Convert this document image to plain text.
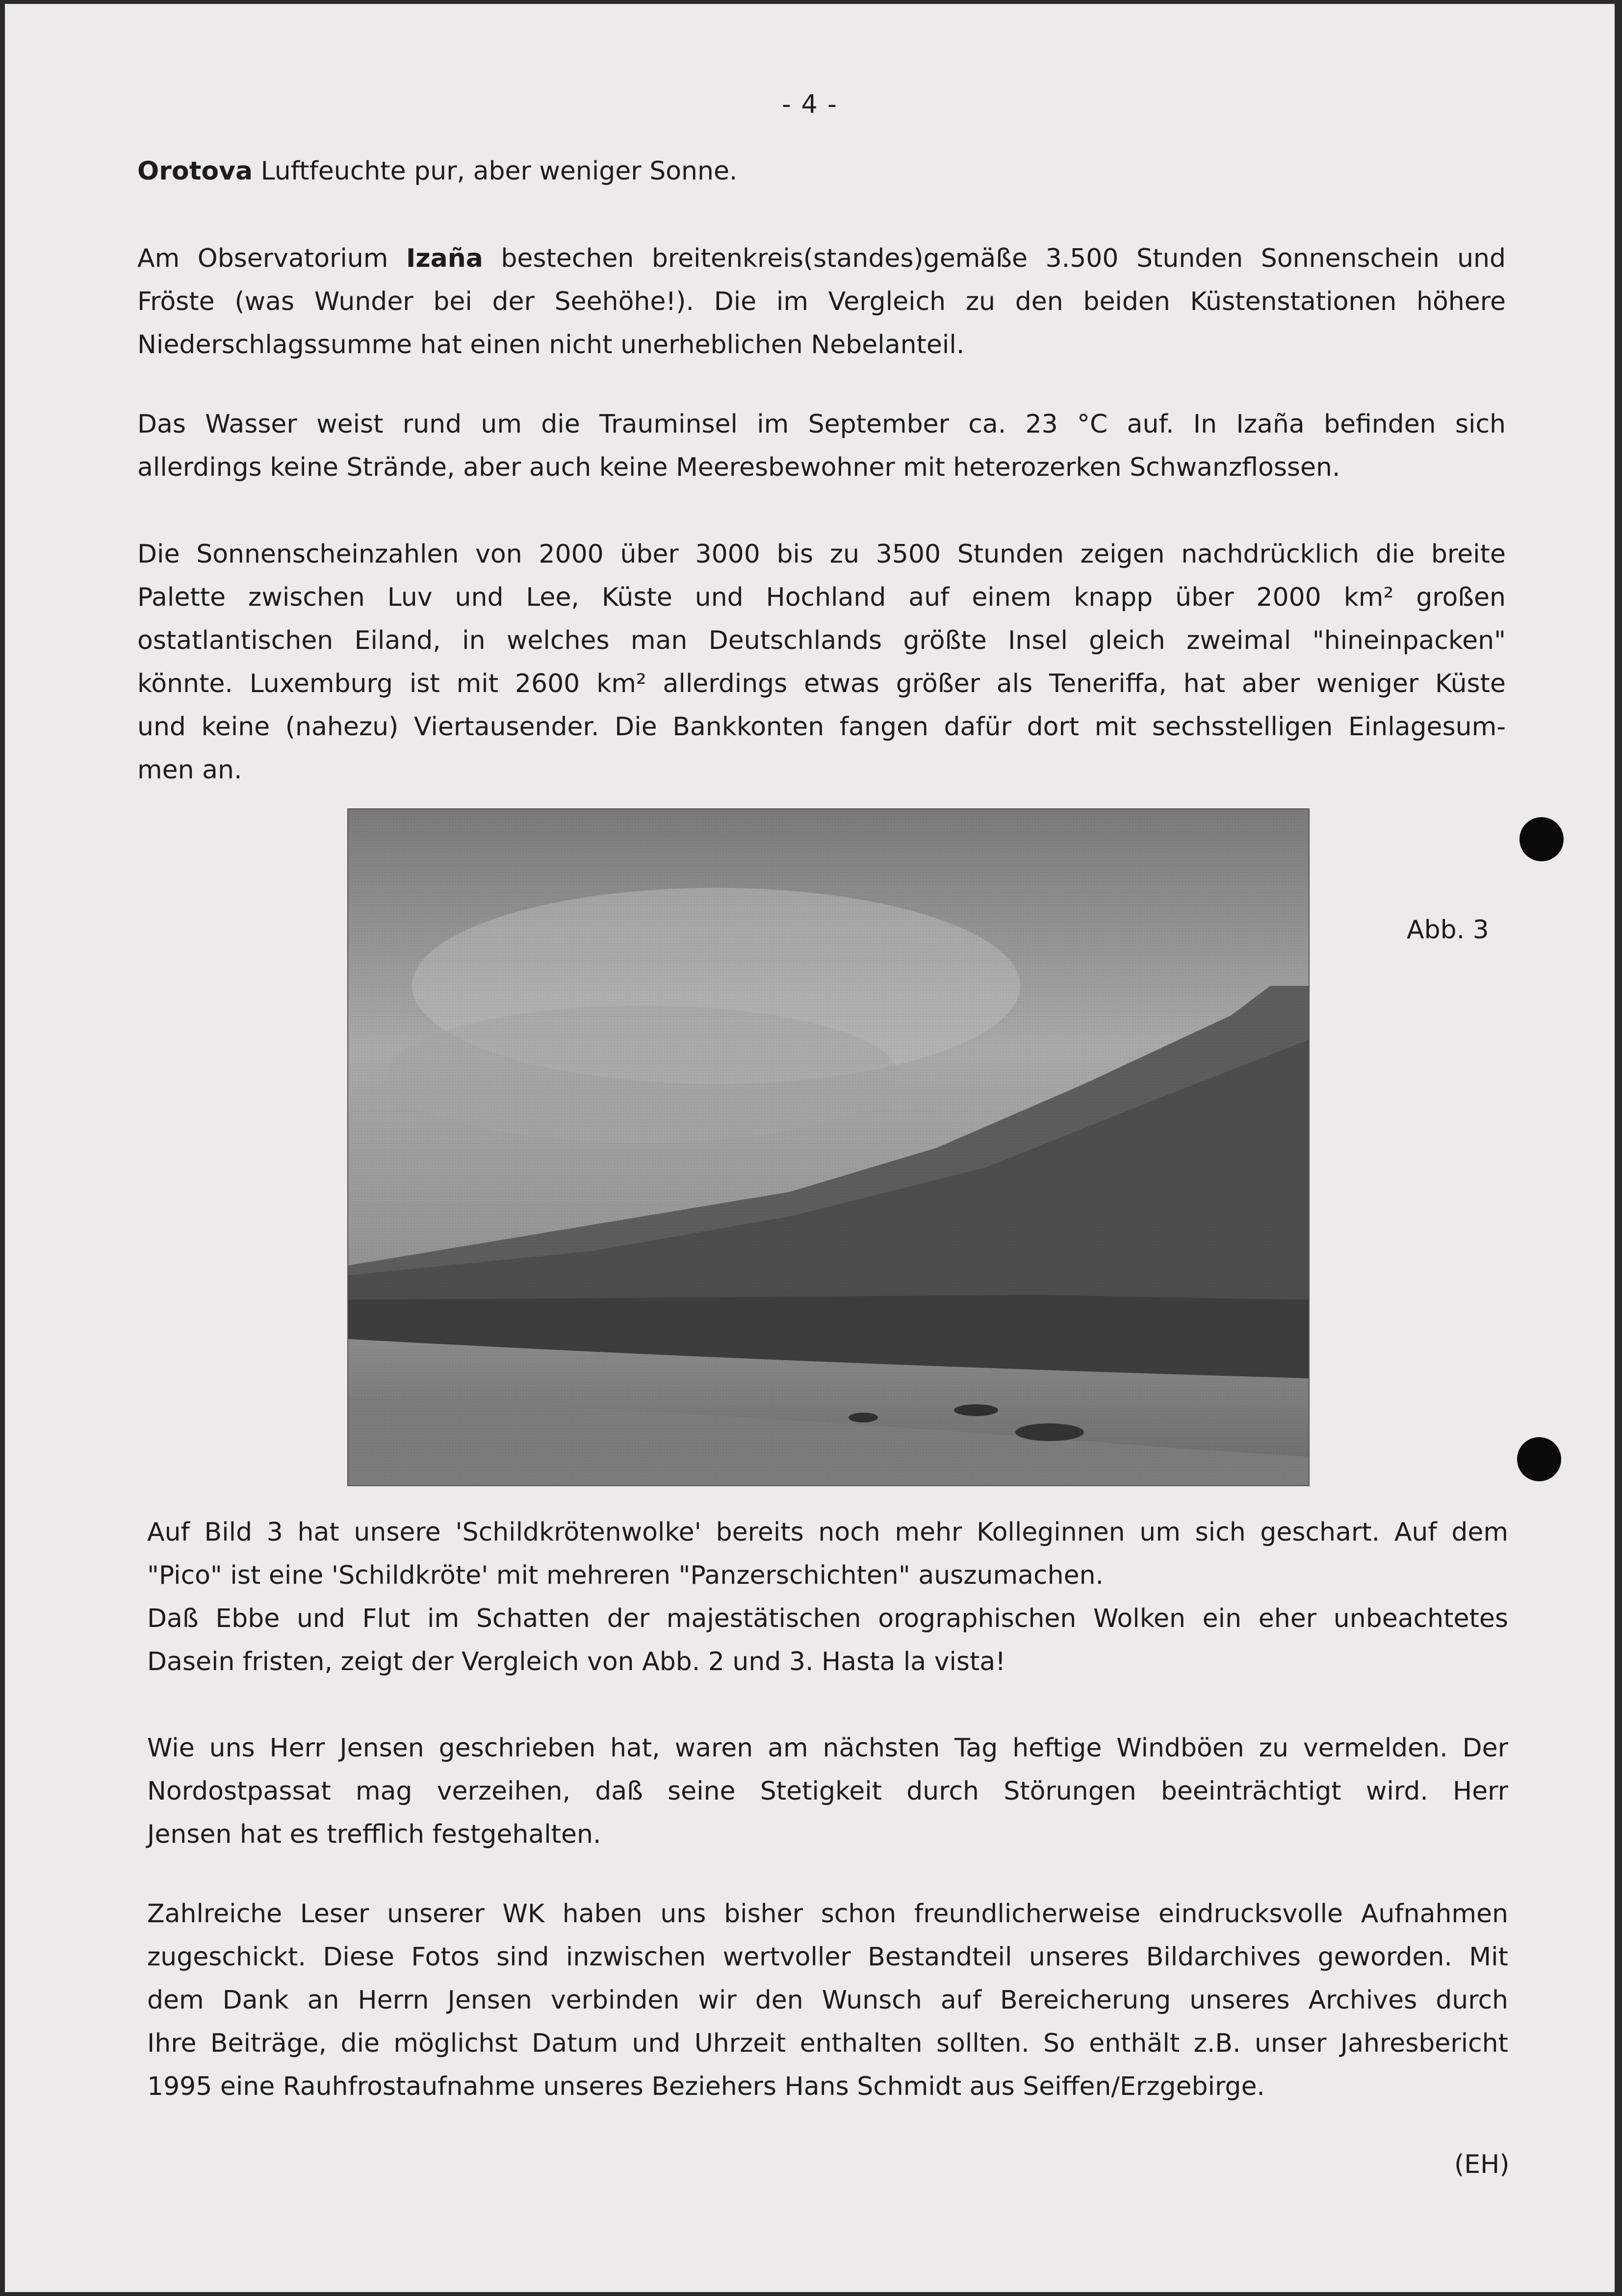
- 4 -
Orotova Luftfeuchte pur, aber weniger Sonne.
Am Observatorium Izaña bestechen breitenkreis(standes)gemäße 3.500 Stunden Sonnenschein und
Fröste (was Wunder bei der Seehöhe!). Die im Vergleich zu den beiden Küstenstationen höhere
Niederschlagssumme hat einen nicht unerheblichen Nebelanteil.
Das Wasser weist rund um die Trauminsel im September ca. 23 °C auf. In Izaña befinden sich
allerdings keine Strände, aber auch keine Meeresbewohner mit heterozerken Schwanzflossen.
Die Sonnenscheinzahlen von 2000 über 3000 bis zu 3500 Stunden zeigen nachdrücklich die breite
Palette zwischen Luv und Lee, Küste und Hochland auf einem knapp über 2000 km² großen
ostatlantischen Eiland, in welches man Deutschlands größte Insel gleich zweimal "hineinpacken"
könnte. Luxemburg ist mit 2600 km² allerdings etwas größer als Teneriffa, hat aber weniger Küste
und keine (nahezu) Viertausender. Die Bankkonten fangen dafür dort mit sechsstelligen Einlagesum-
men an.
Abb. 3
Auf Bild 3 hat unsere 'Schildkrötenwolke' bereits noch mehr Kolleginnen um sich geschart. Auf dem
"Pico" ist eine 'Schildkröte' mit mehreren "Panzerschichten" auszumachen.
Daß Ebbe und Flut im Schatten der majestätischen orographischen Wolken ein eher unbeachtetes
Dasein fristen, zeigt der Vergleich von Abb. 2 und 3. Hasta la vista!
Wie uns Herr Jensen geschrieben hat, waren am nächsten Tag heftige Windböen zu vermelden. Der
Nordostpassat mag verzeihen, daß seine Stetigkeit durch Störungen beeinträchtigt wird. Herr
Jensen hat es trefflich festgehalten.
Zahlreiche Leser unserer WK haben uns bisher schon freundlicherweise eindrucksvolle Aufnahmen
zugeschickt. Diese Fotos sind inzwischen wertvoller Bestandteil unseres Bildarchives geworden. Mit
dem Dank an Herrn Jensen verbinden wir den Wunsch auf Bereicherung unseres Archives durch
Ihre Beiträge, die möglichst Datum und Uhrzeit enthalten sollten. So enthält z.B. unser Jahresbericht
1995 eine Rauhfrostaufnahme unseres Beziehers Hans Schmidt aus Seiffen/Erzgebirge.
(EH)
